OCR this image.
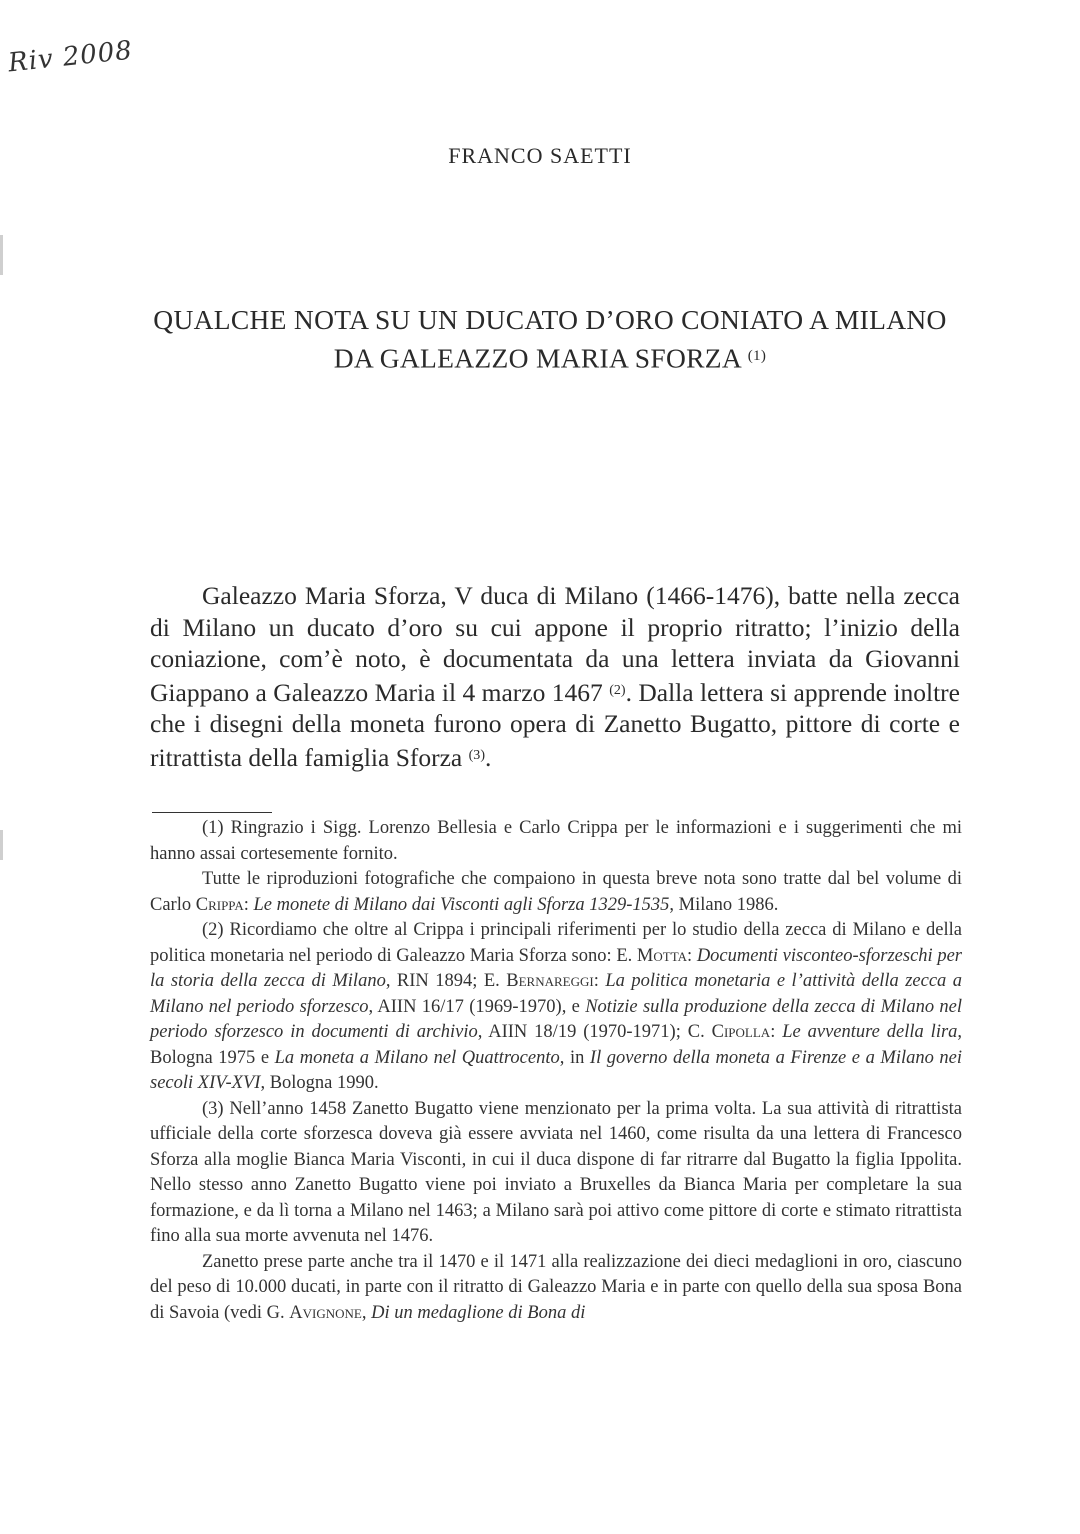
Riv 2008
FRANCO SAETTI
QUALCHE NOTA SU UN DUCATO D’ORO CONIATO A MILANO
DA GALEAZZO MARIA SFORZA $^{(1)}$

Galeazzo Maria Sforza, V duca di Milano (1466-1476), batte nella zecca di Milano un ducato d’oro su cui appone il proprio ritratto; l’inizio della coniazione, com’è noto, è documentata da una lettera inviata da Giovanni Giappano a Galeazzo Maria il 4 marzo 1467 $^{(2)}$. Dalla lettera si apprende inoltre che i disegni della moneta furono opera di Zanetto Bugatto, pittore di corte e ritrattista della famiglia Sforza $^{(3)}$.

(1) Ringrazio i Sigg. Lorenzo Bellesia e Carlo Crippa per le informazioni e i suggerimenti che mi hanno assai cortesemente fornito.

Tutte le riproduzioni fotografiche che compaiono in questa breve nota sono tratte dal bel volume di Carlo Crippa: Le monete di Milano dai Visconti agli Sforza 1329-1535, Milano 1986.

(2) Ricordiamo che oltre al Crippa i principali riferimenti per lo studio della zecca di Milano e della politica monetaria nel periodo di Galeazzo Maria Sforza sono: E. Motta: Documenti visconteo-sforzeschi per la storia della zecca di Milano, RIN 1894; E. Bernareggi: La politica monetaria e l’attività della zecca a Milano nel periodo sforzesco, AIIN 16/17 (1969-1970), e Notizie sulla produzione della zecca di Milano nel periodo sforzesco in documenti di archivio, AIIN 18/19 (1970-1971); C. Cipolla: Le avventure della lira, Bologna 1975 e La moneta a Milano nel Quattrocento, in Il governo della moneta a Firenze e a Milano nei secoli XIV-XVI, Bologna 1990.

(3) Nell’anno 1458 Zanetto Bugatto viene menzionato per la prima volta. La sua attività di ritrattista ufficiale della corte sforzesca doveva già essere avviata nel 1460, come risulta da una lettera di Francesco Sforza alla moglie Bianca Maria Visconti, in cui il duca dispone di far ritrarre dal Bugatto la figlia Ippolita. Nello stesso anno Zanetto Bugatto viene poi inviato a Bruxelles da Bianca Maria per completare la sua formazione, e da lì torna a Milano nel 1463; a Milano sarà poi attivo come pittore di corte e stimato ritrattista fino alla sua morte avvenuta nel 1476.

Zanetto prese parte anche tra il 1470 e il 1471 alla realizzazione dei dieci medaglioni in oro, ciascuno del peso di 10.000 ducati, in parte con il ritratto di Galeazzo Maria e in parte con quello della sua sposa Bona di Savoia (vedi G. Avignone, Di un medaglione di Bona di
